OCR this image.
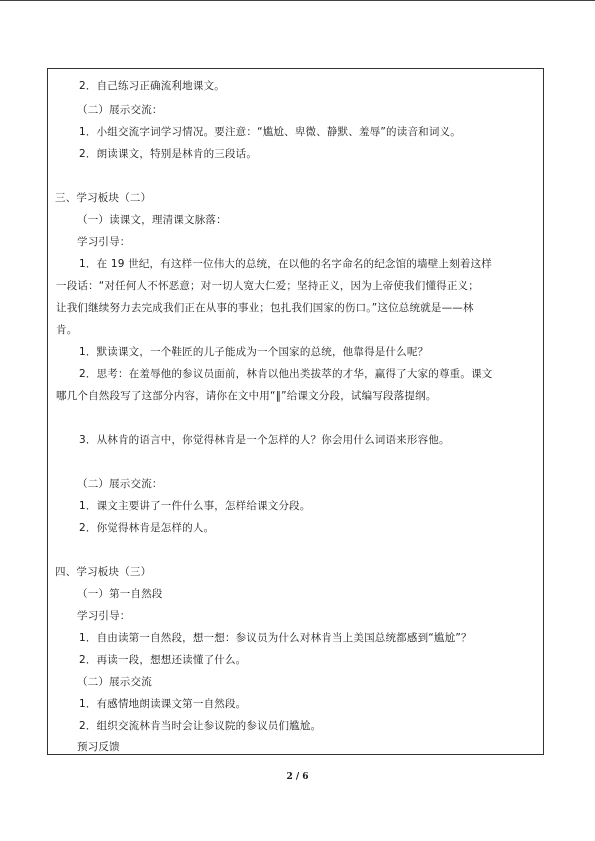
2．自己练习正确流利地课文。
（二）展示交流：
1．小组交流字词学习情况。要注意：“尴尬、卑微、静默、羞辱”的读音和词义。
2．朗读课文，特别是林肯的三段话。
三、学习板块（二）
（一）读课文，理清课文脉落：
学习引导：
1．在 19 世纪，有这样一位伟大的总统，在以他的名字命名的纪念馆的墙壁上刻着这样
一段话：“对任何人不怀恶意；对一切人宽大仁爱；坚持正义，因为上帝使我们懂得正义；
让我们继续努力去完成我们正在从事的事业；包扎我们国家的伤口。”这位总统就是——林
肯。
1．默读课文，一个鞋匠的儿子能成为一个国家的总统，他靠得是什么呢？
2．思考：在羞辱他的参议员面前，林肯以他出类拔萃的才华，赢得了大家的尊重。课文
哪几个自然段写了这部分内容，请你在文中用“‖”给课文分段，试编写段落提纲。
3．从林肯的语言中，你觉得林肯是一个怎样的人？你会用什么词语来形容他。
（二）展示交流：
1．课文主要讲了一件什么事，怎样给课文分段。
2．你觉得林肯是怎样的人。
四、学习板块（三）
（一）第一自然段
学习引导：
1．自由读第一自然段，想一想：参议员为什么对林肯当上美国总统都感到“尴尬”？
2．再读一段，想想还读懂了什么。
（二）展示交流
1．有感情地朗读课文第一自然段。
2．组织交流林肯当时会让参议院的参议员们尴尬。
预习反馈
2 / 6
